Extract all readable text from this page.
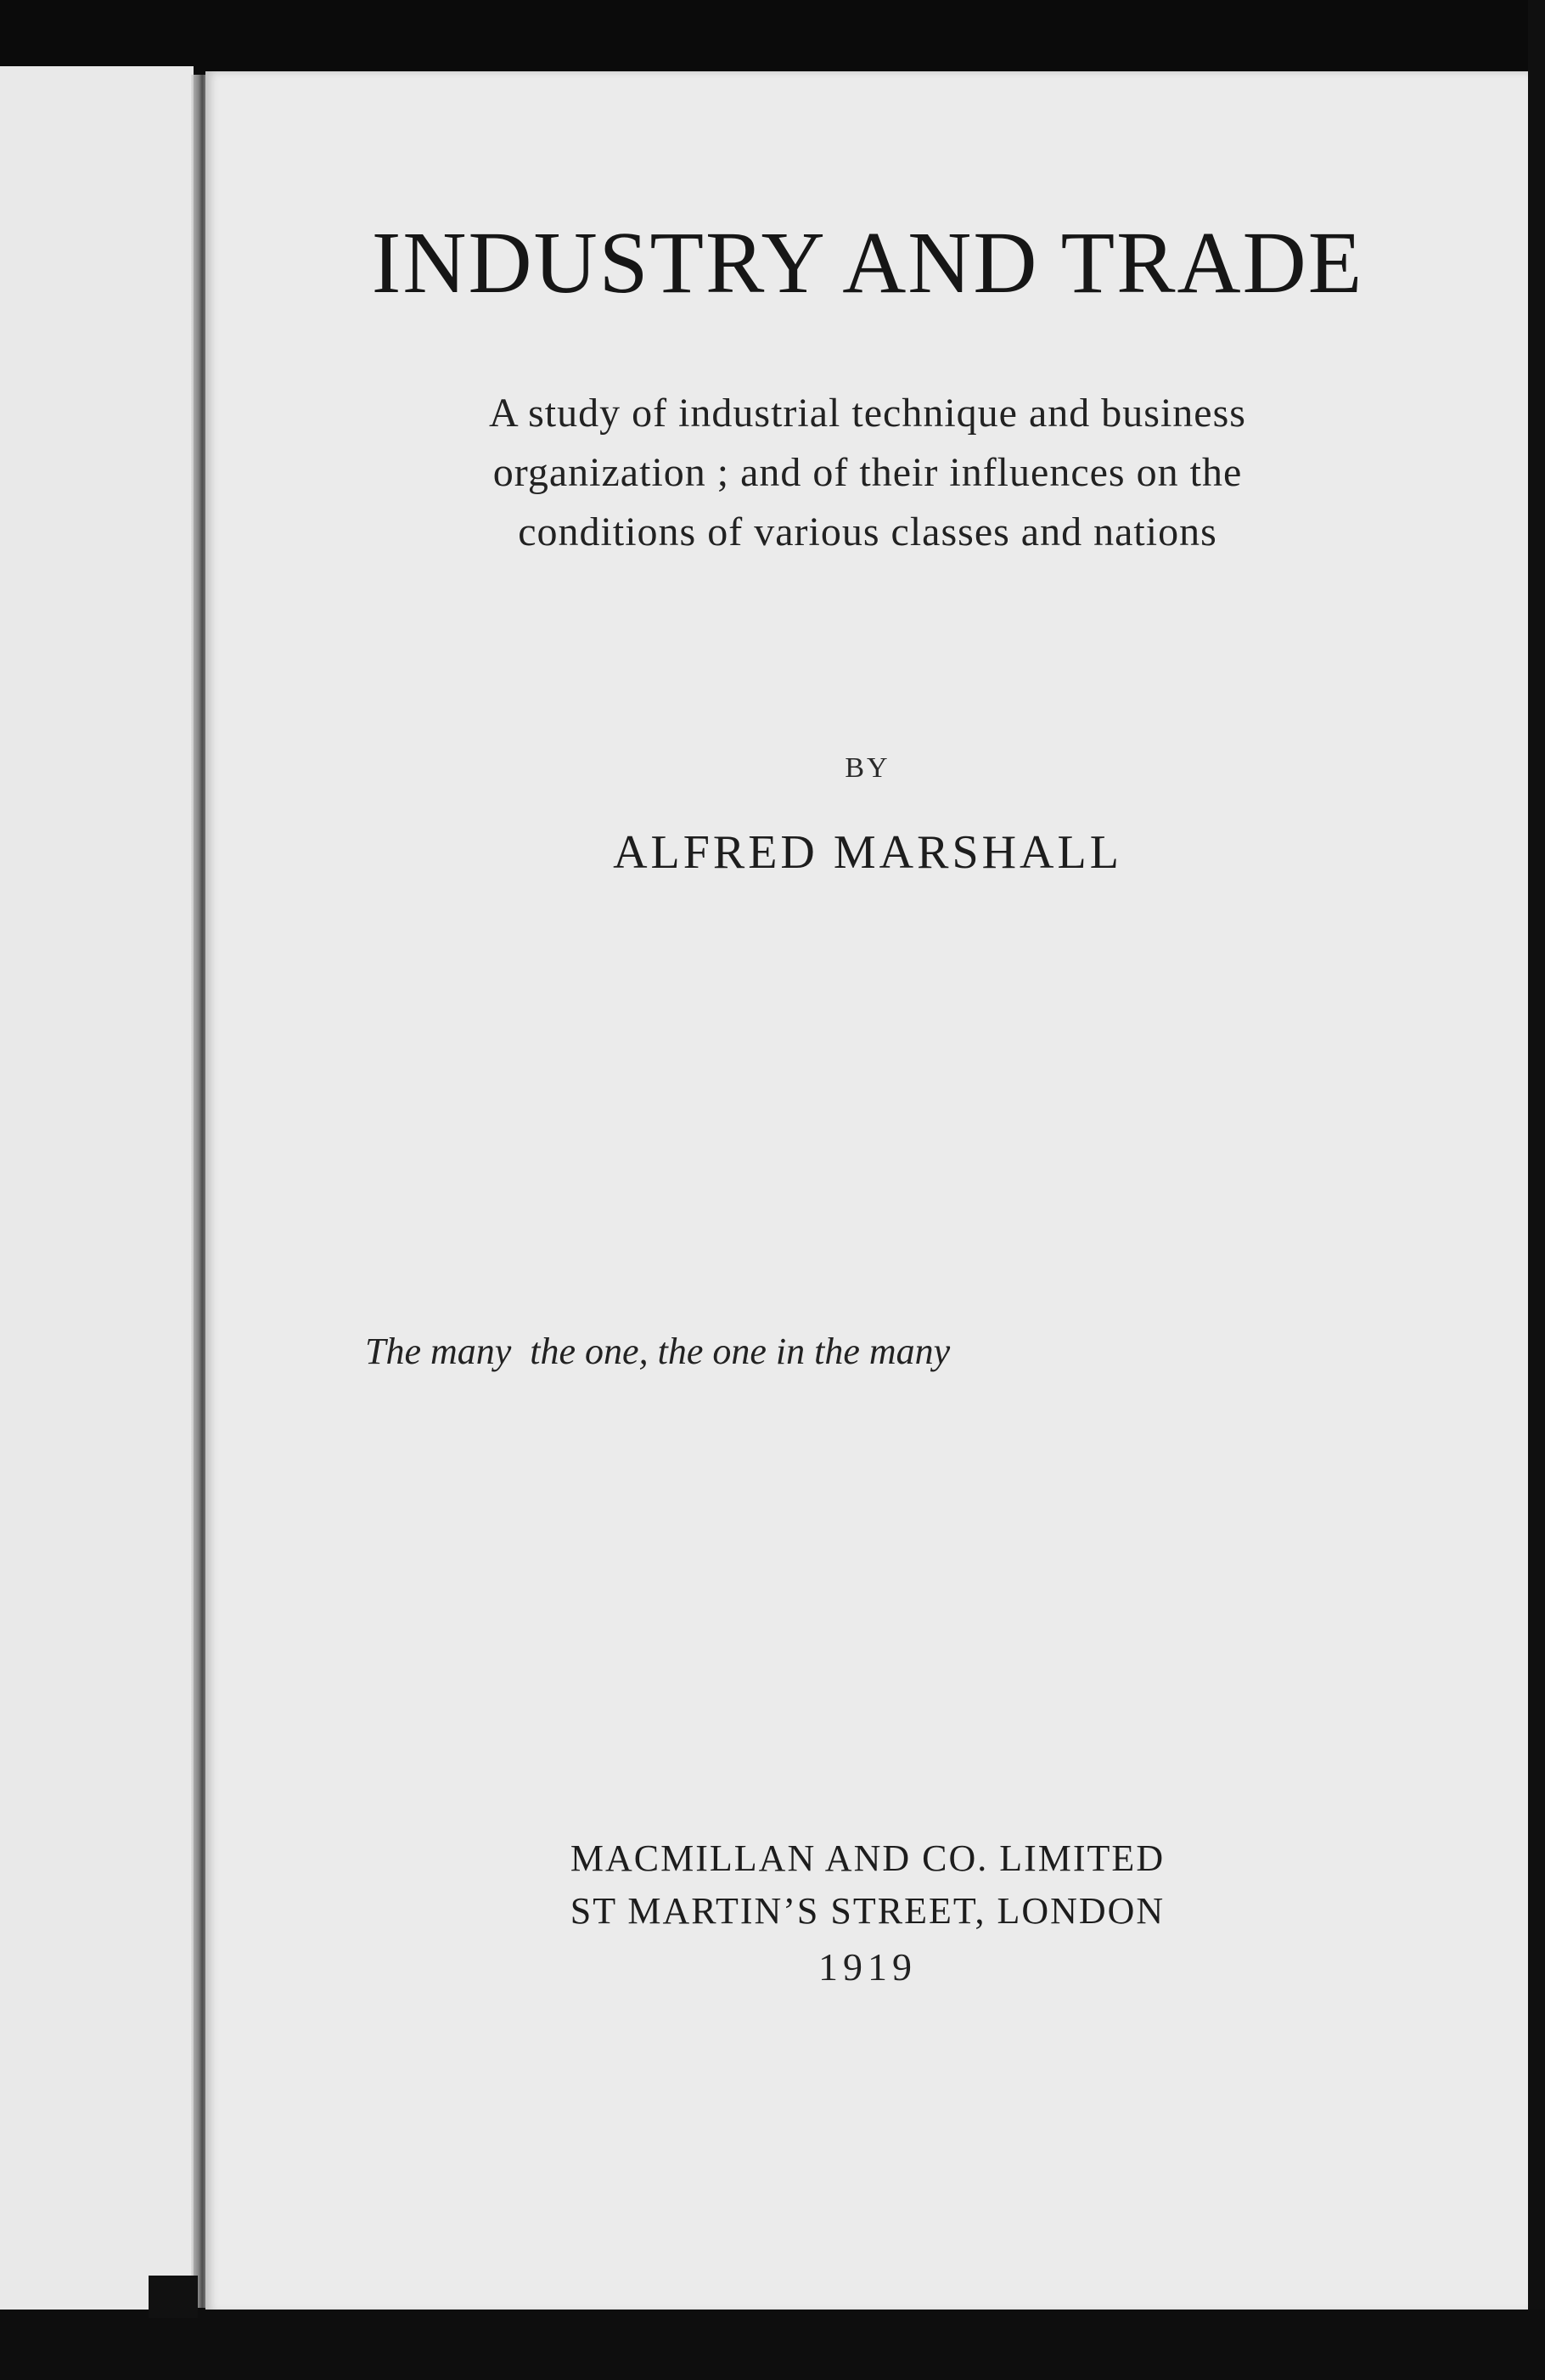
INDUSTRY AND TRADE
A study of industrial technique and business
organization ; and of their influences on the
conditions of various classes and nations
BY
ALFRED MARSHALL
The many  the one, the one in the many
MACMILLAN AND CO. LIMITED
ST MARTIN’S STREET, LONDON
1919
